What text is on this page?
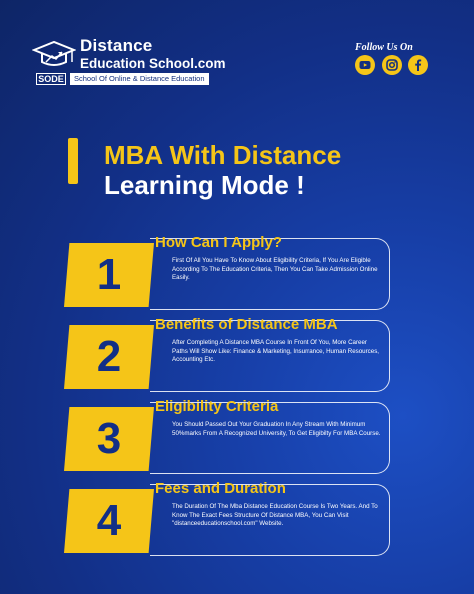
Distance
Education School.com
SODE	School Of Online & Distance Education
Follow Us On
MBA With Distance
Learning Mode !
1
How Can I Apply?
First Of All You Have To Know About Eligibility Criteria, If You Are Eligible According To The Education Criteria, Then You Can Take Admission Online Easily.
2
Benefits of Distance MBA
After Completing A Distance MBA Course In Front Of You, More Career Paths Will Show Like: Finance & Marketing, Insurrance, Human Resources, Accounting Etc.
3
Eligibility Criteria
You Should Passed Out Your Graduation In Any Stream With Minimum 50%marks From A Recognized University, To Get Eligibilty For MBA Course.
4
Fees and Duration
The Duration Of The Mba Distance Education Course Is Two Years. And To Know The Exact Fees Structure Of Distance MBA, You Can Visit "distanceeducationschool.com" Website.
